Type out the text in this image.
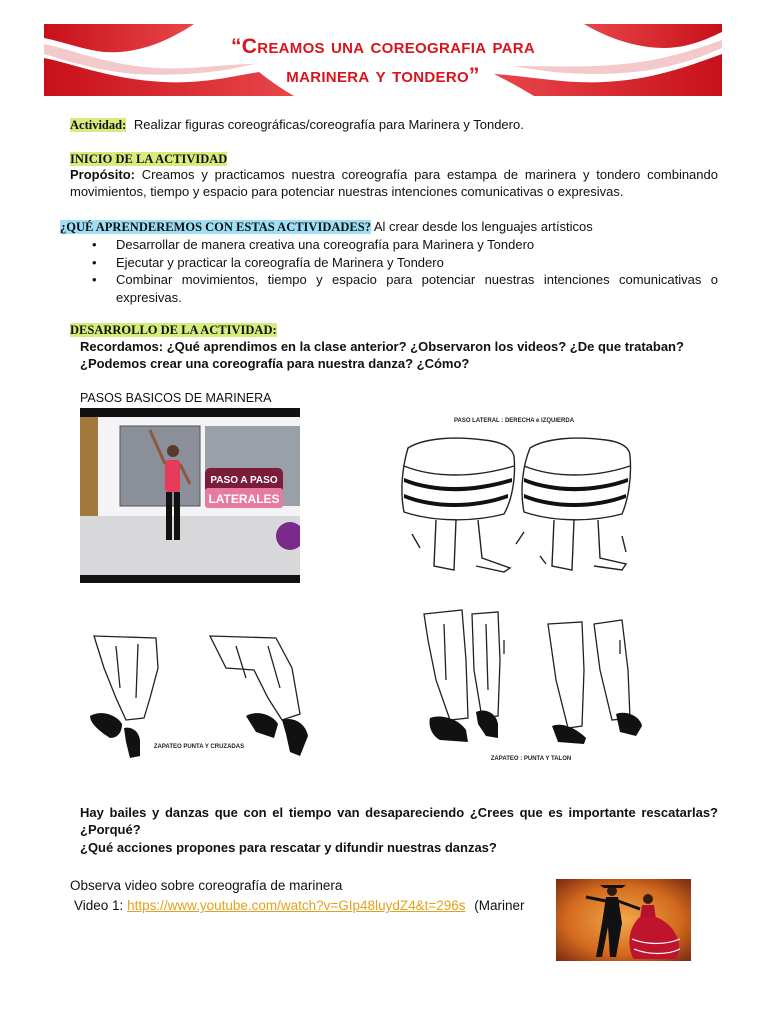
“Creamos una coreografia para
marinera y tondero”
Actividad: Realizar figuras coreográficas/coreografía para Marinera y Tondero.
INICIO DE LA ACTIVIDAD
Propósito: Creamos y practicamos nuestra coreografía para estampa de marinera y tondero combinando movimientos, tiempo y espacio para potenciar nuestras intenciones comunicativas o expresivas.
¿QUÉ APRENDEREMOS CON ESTAS ACTIVIDADES? Al crear desde los lenguajes artísticos
• Desarrollar de manera creativa una coreografía para Marinera y Tondero
• Ejecutar y practicar la coreografía de Marinera y Tondero
• Combinar movimientos, tiempo y espacio para potenciar nuestras intenciones comunicativas o expresivas.
DESARROLLO DE LA ACTIVIDAD:
Recordamos: ¿Qué aprendimos en la clase anterior? ¿Observaron los videos? ¿De que trataban?
¿Podemos crear una coreografía para nuestra danza? ¿Cómo?
PASOS BASICOS DE MARINERA
PASO A PASO
LATERALES
PASO LATERAL : DERECHA e IZQUIERDA
ZAPATEO PUNTA Y CRUZADAS
ZAPATEO : PUNTA Y TALON
Hay bailes y danzas que con el tiempo van desapareciendo ¿Crees que es importante rescatarlas? ¿Porqué?
¿Qué acciones propones para rescatar y difundir nuestras danzas?
Observa video sobre coreografía de marinera
Video 1: https://www.youtube.com/watch?v=GIp48luydZ4&t=296s (Mariner
